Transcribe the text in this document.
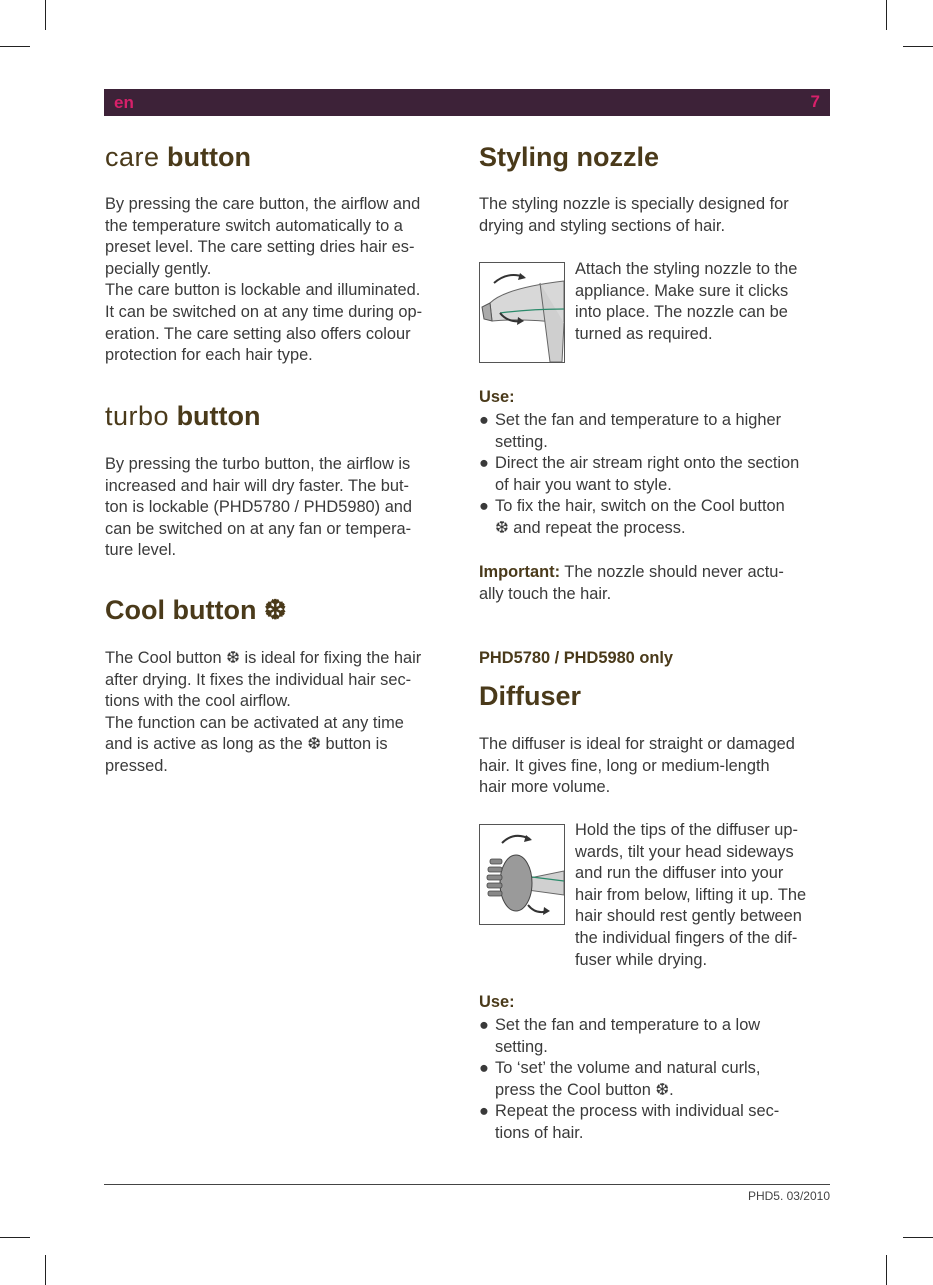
en	7
care button
By pressing the care button, the airflow and
the temperature switch automatically to a
preset level. The care setting dries hair es-
pecially gently.
The care button is lockable and illuminated.
It can be switched on at any time during op-
eration. The care setting also offers colour
protection for each hair type.
turbo button
By pressing the turbo button, the airflow is
increased and hair will dry faster. The but-
ton is lockable (PHD5780 / PHD5980) and
can be switched on at any fan or tempera-
ture level.
Cool button ❆
The Cool button ❆ is ideal for fixing the hair
after drying. It fixes the individual hair sec-
tions with the cool airflow.
The function can be activated at any time
and is active as long as the ❆ button is
pressed.
Styling nozzle
The styling nozzle is specially designed for
drying and styling sections of hair.
Attach the styling nozzle to the
appliance. Make sure it clicks
into place. The nozzle can be
turned as required.
Use:
● Set the fan and temperature to a higher
setting.
● Direct the air stream right onto the section
of hair you want to style.
● To fix the hair, switch on the Cool button
❆ and repeat the process.
Important: The nozzle should never actu-
ally touch the hair.
PHD5780 / PHD5980 only
Diffuser
The diffuser is ideal for straight or damaged
hair. It gives fine, long or medium-length
hair more volume.
Hold the tips of the diffuser up-
wards, tilt your head sideways
and run the diffuser into your
hair from below, lifting it up. The
hair should rest gently between
the individual fingers of the dif-
fuser while drying.
Use:
● Set the fan and temperature to a low
setting.
● To ‘set’ the volume and natural curls,
press the Cool button ❆.
● Repeat the process with individual sec-
tions of hair.
PHD5. 03/2010
